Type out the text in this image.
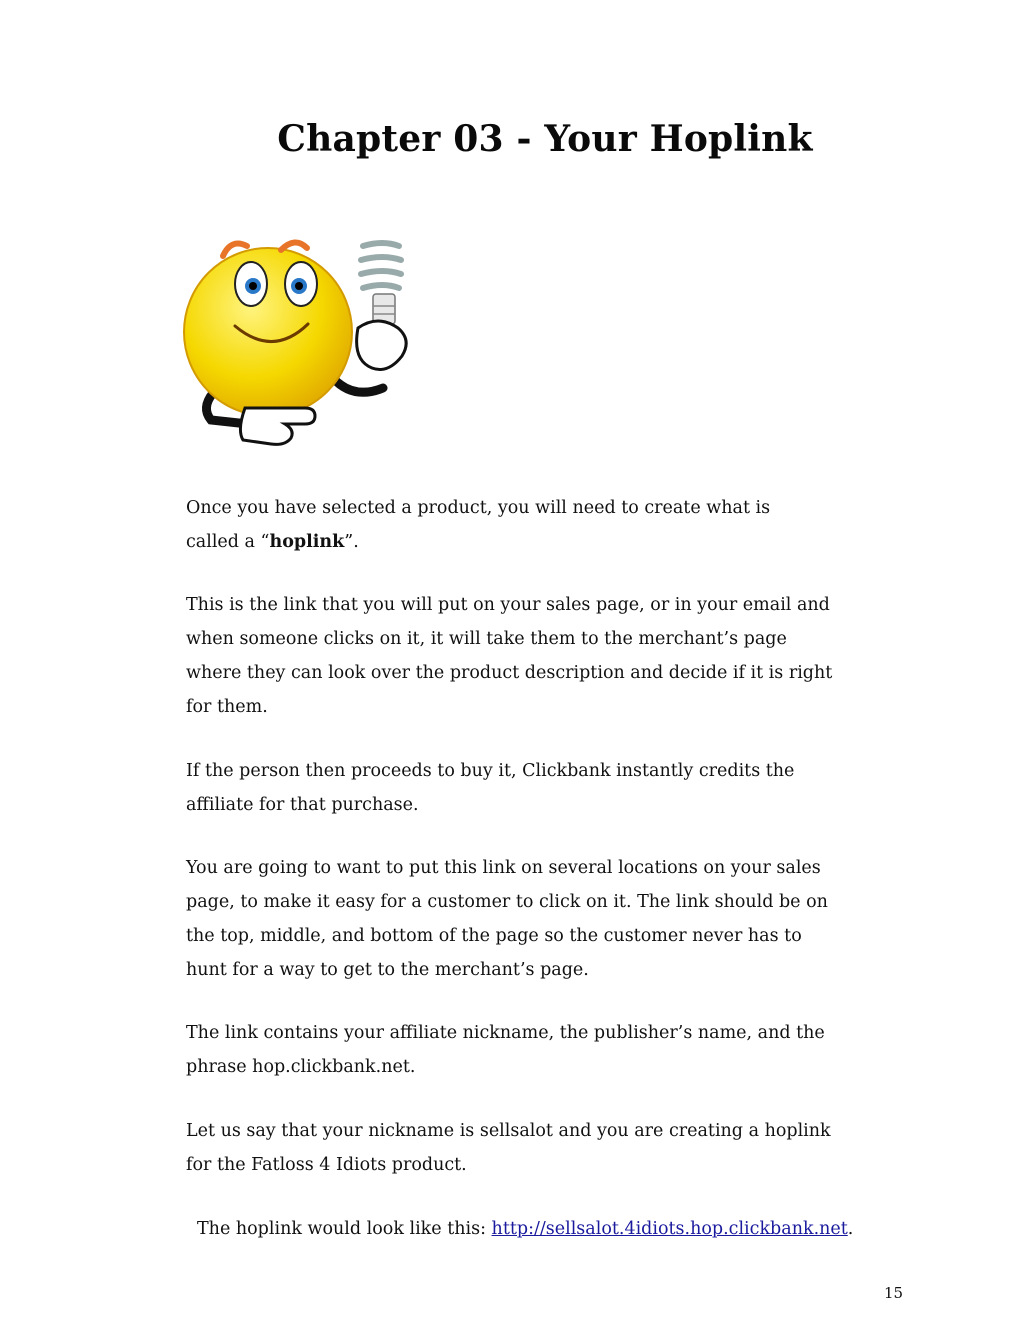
Chapter 03 - Your Hoplink

Once you have selected a product, you will need to create what is
called a “hoplink”.

This is the link that you will put on your sales page, or in your email and when someone clicks on it, it will take them to the merchant’s page where they can look over the product description and decide if it is right for them.

If the person then proceeds to buy it, Clickbank instantly credits the affiliate for that purchase.

You are going to want to put this link on several locations on your sales page, to make it easy for a customer to click on it. The link should be on the top, middle, and bottom of the page so the customer never has to hunt for a way to get to the merchant’s page.

The link contains your affiliate nickname, the publisher’s name, and the phrase hop.clickbank.net.

Let us say that your nickname is sellsalot and you are creating a hoplink for the Fatloss 4 Idiots product.

The hoplink would look like this: http://sellsalot.4idiots.hop.clickbank.net.
15
